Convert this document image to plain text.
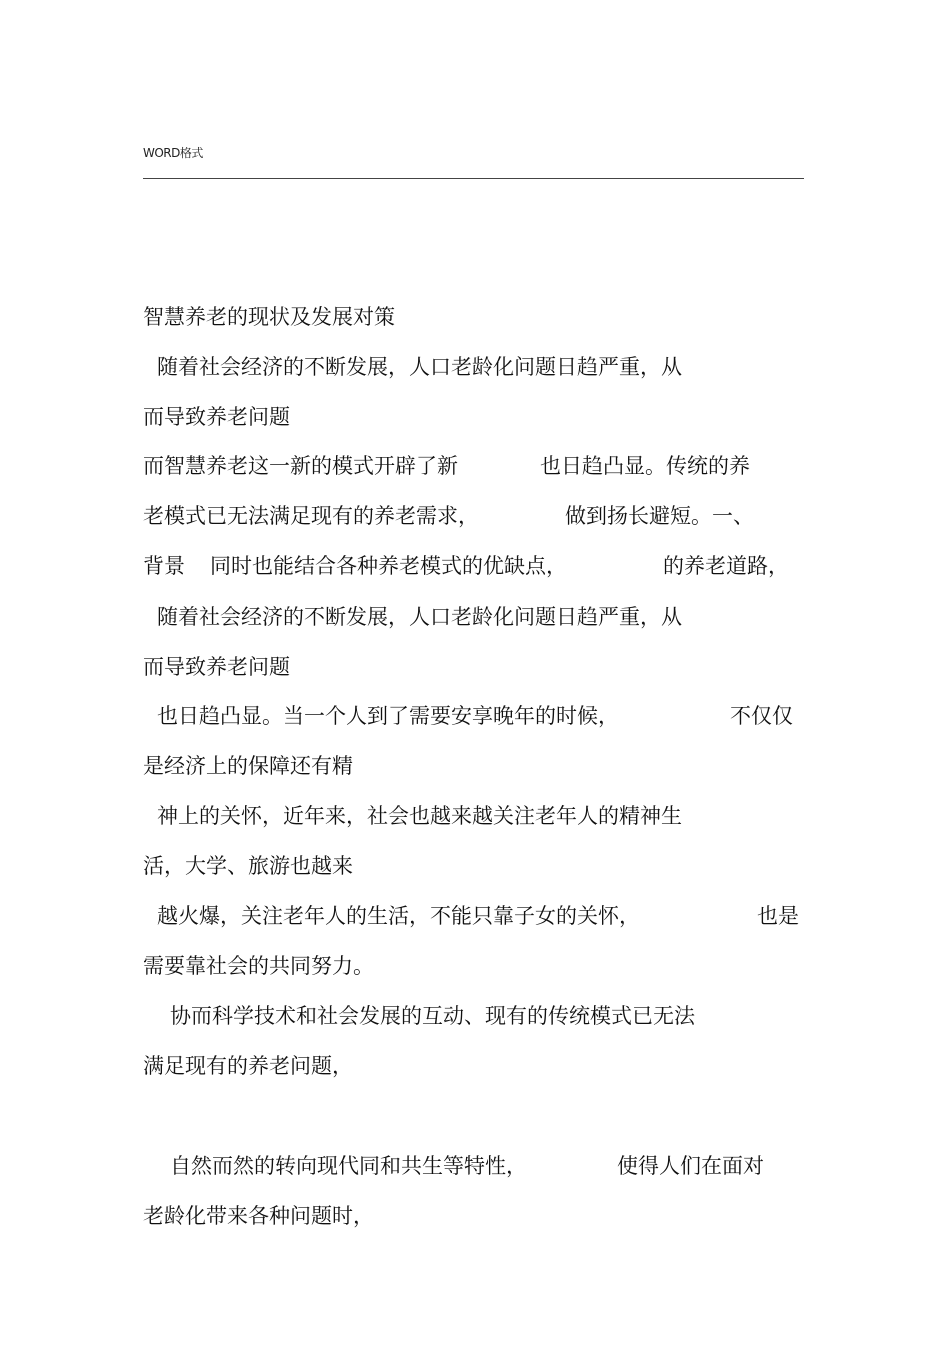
WORD格式
智慧养老的现状及发展对策
随着社会经济的不断发展，人口老龄化问题日趋严重，从
而导致养老问题
而智慧养老这一新的模式开辟了新	也日趋凸显。传统的养
老模式已无法满足现有的养老需求，	做到扬长避短。一、
背景 同时也能结合各种养老模式的优缺点，	的养老道路，
随着社会经济的不断发展，人口老龄化问题日趋严重，从
而导致养老问题
也日趋凸显。当一个人到了需要安享晚年的时候，	不仅仅
是经济上的保障还有精
神上的关怀，近年来，社会也越来越关注老年人的精神生
活，大学、旅游也越来
越火爆，关注老年人的生活，不能只靠子女的关怀，	也是
需要靠社会的共同努力。
协而科学技术和社会发展的互动、现有的传统模式已无法
满足现有的养老问题，
自然而然的转向现代同和共生等特性，	使得人们在面对
老龄化带来各种问题时，
